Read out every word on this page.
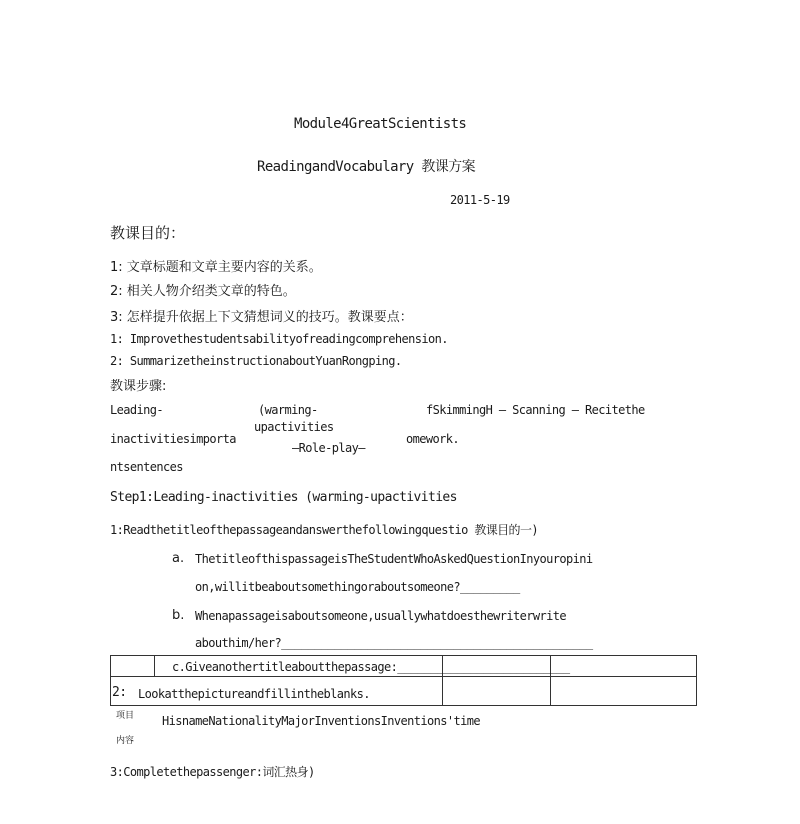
Module4GreatScientists
ReadingandVocabulary 教课方案
2011-5-19
教课目的：
1: 文章标题和文章主要内容的关系。
2: 相关人物介绍类文章的特色。
3: 怎样提升依据上下文猜想词义的技巧。教课要点：
1: Improvethestudentsabilityofreadingcomprehension.
2: SummarizetheinstructionaboutYuanRongping.
教课步骤:
Leading-
inactivitiesimporta
ntsentences
(warming-
upactivities
—Role-play—
fSkimmingH — Scanning — Recitethe
omework.
Step1:Leading-inactivities (warming-upactivities
1:Readthetitleofthepassageandanswerthefollowingquestio 教课目的一)
a. ThetitleofthispassageisTheStudentWhoAskedQuestionInyouropini
on,willitbeaboutsomethingoraboutsomeone?_________
b. Whenapassageisaboutsomeone,usuallywhatdoesthewriterwrite
abouthim/her?_______________________________________________
c.Giveanothertitleaboutthepassage:__________________________
2: Lookatthepictureandfillintheblanks.
项目
内容
HisnameNationalityMajorInventionsInventions'time
3:Completethepassenger:词汇热身)
